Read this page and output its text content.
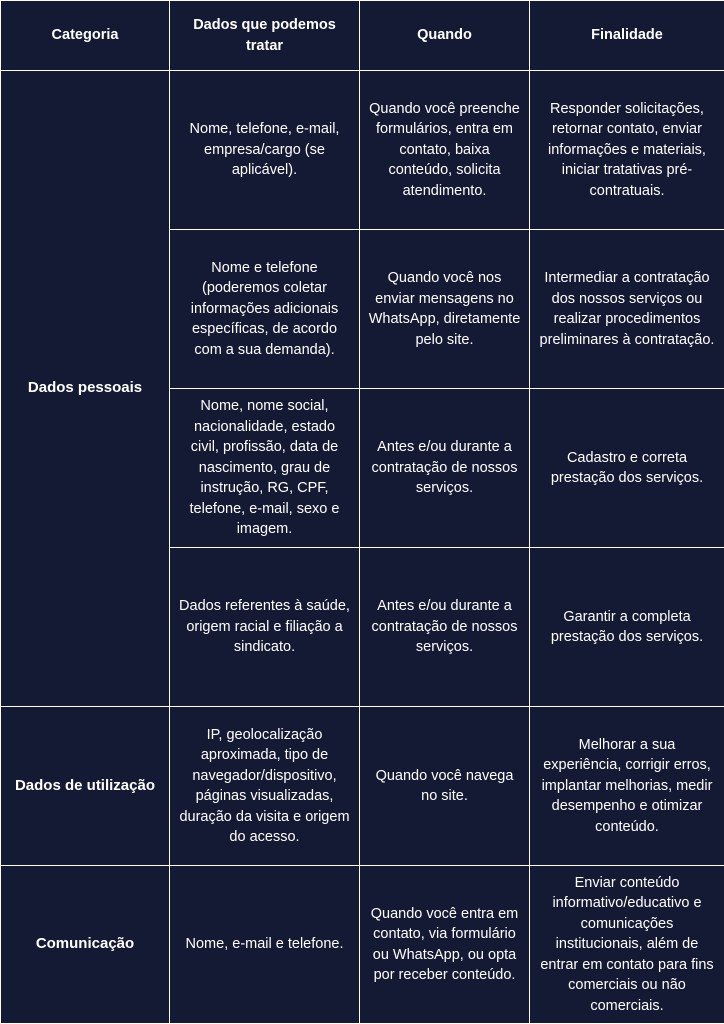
Categoria	Dados que podemos tratar	Quando	Finalidade
Dados pessoais	Nome, telefone, e-mail, empresa/cargo (se aplicável).	Quando você preenche formulários, entra em contato, baixa conteúdo, solicita atendimento.	Responder solicitações, retornar contato, enviar informações e materiais, iniciar tratativas pré-contratuais.
	Nome e telefone (poderemos coletar informações adicionais específicas, de acordo com a sua demanda).	Quando você nos enviar mensagens no WhatsApp, diretamente pelo site.	Intermediar a contratação dos nossos serviços ou realizar procedimentos preliminares à contratação.
	Nome, nome social, nacionalidade, estado civil, profissão, data de nascimento, grau de instrução, RG, CPF, telefone, e-mail, sexo e imagem.	Antes e/ou durante a contratação de nossos serviços.	Cadastro e correta prestação dos serviços.
	Dados referentes à saúde, origem racial e filiação a sindicato.	Antes e/ou durante a contratação de nossos serviços.	Garantir a completa prestação dos serviços.
Dados de utilização	IP, geolocalização aproximada, tipo de navegador/dispositivo, páginas visualizadas, duração da visita e origem do acesso.	Quando você navega no site.	Melhorar a sua experiência, corrigir erros, implantar melhorias, medir desempenho e otimizar conteúdo.
Comunicação	Nome, e-mail e telefone.	Quando você entra em contato, via formulário ou WhatsApp, ou opta por receber conteúdo.	Enviar conteúdo informativo/educativo e comunicações institucionais, além de entrar em contato para fins comerciais ou não comerciais.
